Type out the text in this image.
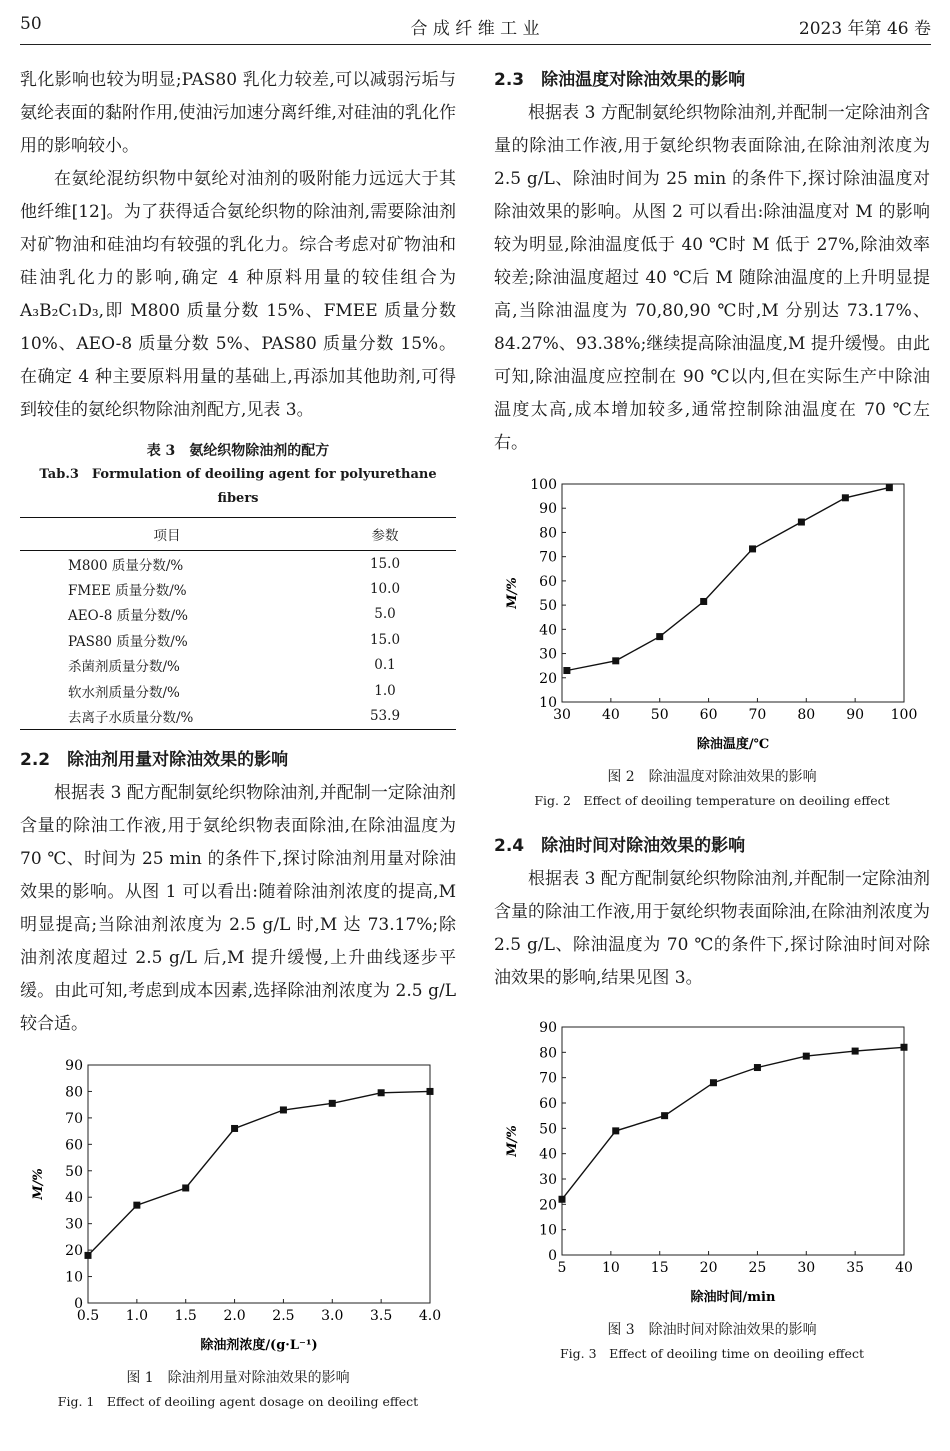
50	合 成 纤 维 工 业	2023 年第 46 卷

乳化影响也较为明显;PAS80 乳化力较差,可以减弱污垢与氨纶表面的黏附作用,使油污加速分离纤维,对硅油的乳化作用的影响较小。

在氨纶混纺织物中氨纶对油剂的吸附能力远远大于其他纤维[12]。为了获得适合氨纶织物的除油剂,需要除油剂对矿物油和硅油均有较强的乳化力。综合考虑对矿物油和硅油乳化力的影响,确定 4 种原料用量的较佳组合为 A₃B₂C₁D₃,即 M800 质量分数 15%、FMEE 质量分数 10%、AEO-8 质量分数 5%、PAS80 质量分数 15%。在确定 4 种主要原料用量的基础上,再添加其他助剂,可得到较佳的氨纶织物除油剂配方,见表 3。

表 3　氨纶织物除油剂的配方
Tab.3　Formulation of deoiling agent for polyurethane fibers
项目	参数
M800 质量分数/%	15.0
FMEE 质量分数/%	10.0
AEO-8 质量分数/%	5.0
PAS80 质量分数/%	15.0
杀菌剂质量分数/%	0.1
软水剂质量分数/%	1.0
去离子水质量分数/%	53.9
2.2　除油剂用量对除油效果的影响

根据表 3 配方配制氨纶织物除油剂,并配制一定除油剂含量的除油工作液,用于氨纶织物表面除油,在除油温度为 70 ℃、时间为 25 min 的条件下,探讨除油剂用量对除油效果的影响。从图 1 可以看出:随着除油剂浓度的提高,M 明显提高;当除油剂浓度为 2.5 g/L 时,M 达 73.17%;除油剂浓度超过 2.5 g/L 后,M 提升缓慢,上升曲线逐步平缓。由此可知,考虑到成本因素,选择除油剂浓度为 2.5 g/L 较合适。

0
10
20
30
40
50
60
70
80
90
0.5 1.0 1.5 2.0 2.5 3.0 3.5 4.0
除油剂浓度/(g·L⁻¹)
M/%
图 1　除油剂用量对除油效果的影响
Fig. 1　Effect of deoiling agent dosage on deoiling effect
2.3　除油温度对除油效果的影响

根据表 3 方配制氨纶织物除油剂,并配制一定除油剂含量的除油工作液,用于氨纶织物表面除油,在除油剂浓度为 2.5 g/L、除油时间为 25 min 的条件下,探讨除油温度对除油效果的影响。从图 2 可以看出:除油温度对 M 的影响较为明显,除油温度低于 40 ℃时 M 低于 27%,除油效率较差;除油温度超过 40 ℃后 M 随除油温度的上升明显提高,当除油温度为 70,80,90 ℃时,M 分别达 73.17%、84.27%、93.38%;继续提高除油温度,M 提升缓慢。由此可知,除油温度应控制在 90 ℃以内,但在实际生产中除油温度太高,成本增加较多,通常控制除油温度在 70 ℃左右。

10
20
30
40
50
60
70
80
90
100
30 40 50 60 70 80 90 100
除油温度/℃
M/%
图 2　除油温度对除油效果的影响
Fig. 2　Effect of deoiling temperature on deoiling effect
2.4　除油时间对除油效果的影响

根据表 3 配方配制氨纶织物除油剂,并配制一定除油剂含量的除油工作液,用于氨纶织物表面除油,在除油剂浓度为 2.5 g/L、除油温度为 70 ℃的条件下,探讨除油时间对除油效果的影响,结果见图 3。

0
10
20
30
40
50
60
70
80
90
5	10 15 20 25 30 35 40
除油时间/min
M/%
图 3　除油时间对除油效果的影响
Fig. 3　Effect of deoiling time on deoiling effect
